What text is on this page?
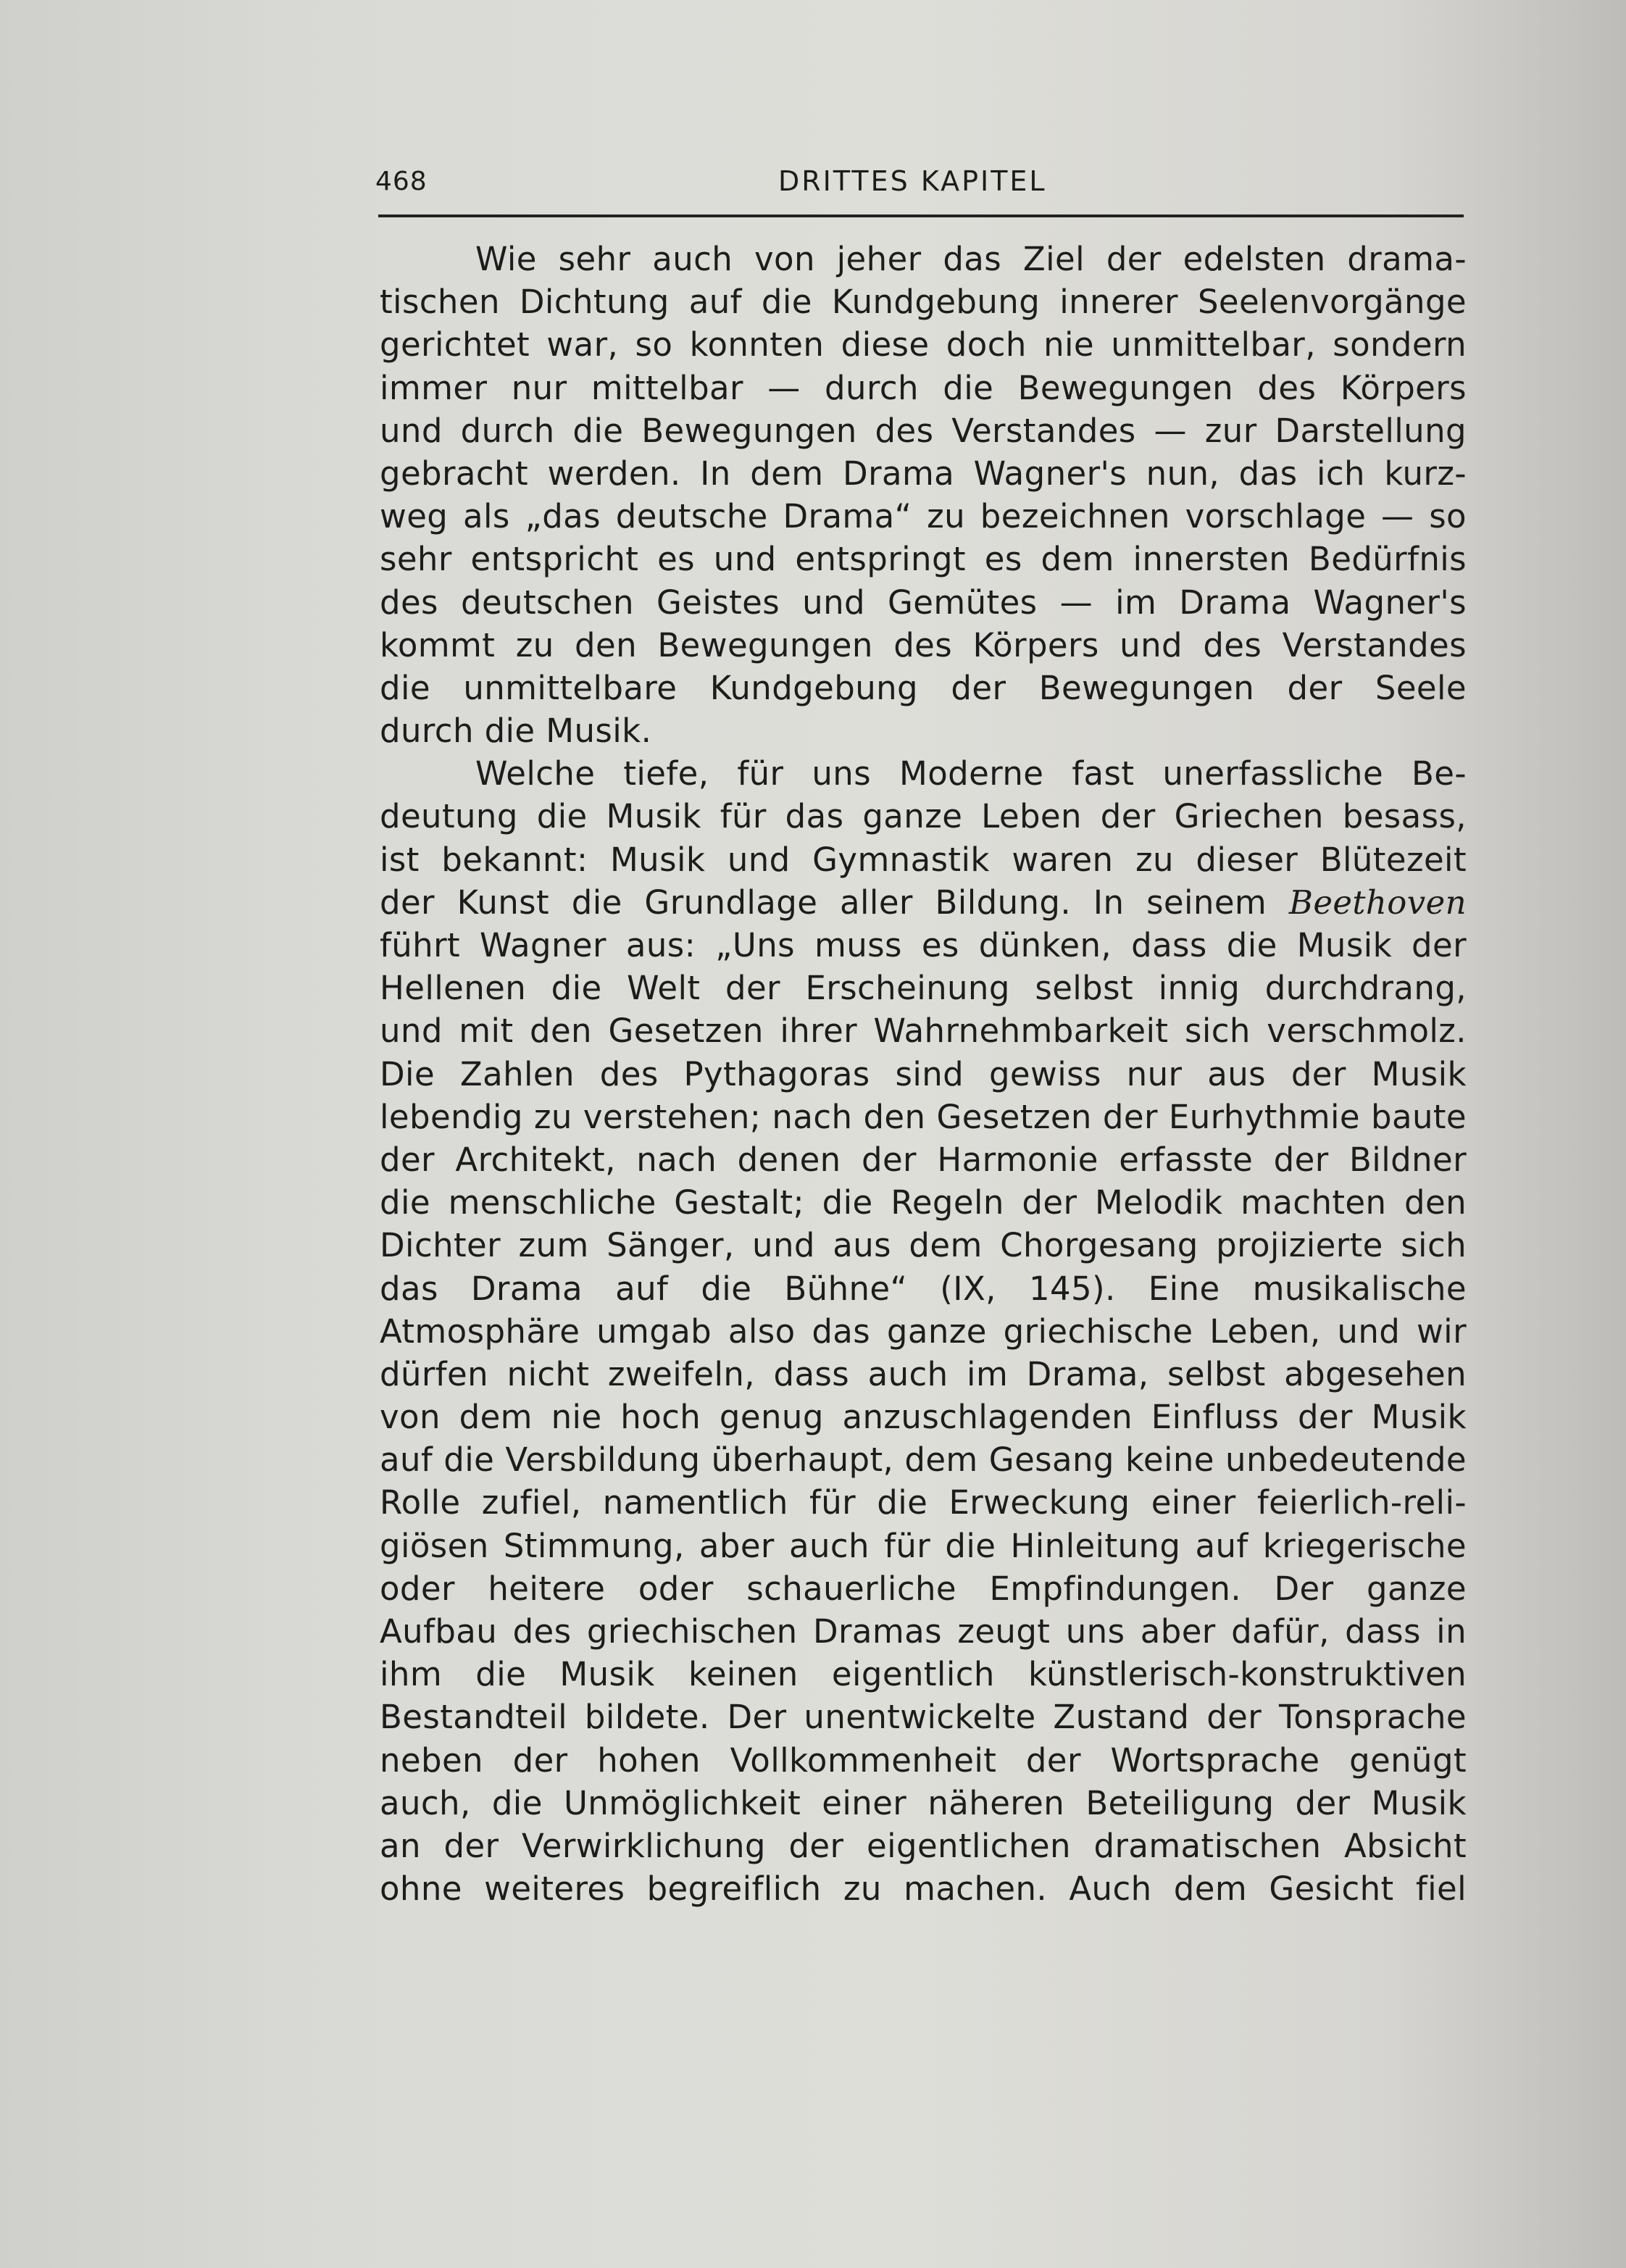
468	DRITTES KAPITEL
Wie sehr auch von jeher das Ziel der edelsten drama-
tischen Dichtung auf die Kundgebung innerer Seelenvorgänge
gerichtet war, so konnten diese doch nie unmittelbar, sondern
immer nur mittelbar — durch die Bewegungen des Körpers
und durch die Bewegungen des Verstandes — zur Darstellung
gebracht werden. In dem Drama Wagner's nun, das ich kurz-
weg als „das deutsche Drama“ zu bezeichnen vorschlage — so
sehr entspricht es und entspringt es dem innersten Bedürfnis
des deutschen Geistes und Gemütes — im Drama Wagner's
kommt zu den Bewegungen des Körpers und des Verstandes
die unmittelbare Kundgebung der Bewegungen der Seele
durch die Musik.
Welche tiefe, für uns Moderne fast unerfassliche Be-
deutung die Musik für das ganze Leben der Griechen besass,
ist bekannt: Musik und Gymnastik waren zu dieser Blütezeit
der Kunst die Grundlage aller Bildung. In seinem Beethoven
führt Wagner aus: „Uns muss es dünken, dass die Musik der
Hellenen die Welt der Erscheinung selbst innig durchdrang,
und mit den Gesetzen ihrer Wahrnehmbarkeit sich verschmolz.
Die Zahlen des Pythagoras sind gewiss nur aus der Musik
lebendig zu verstehen; nach den Gesetzen der Eurhythmie baute
der Architekt, nach denen der Harmonie erfasste der Bildner
die menschliche Gestalt; die Regeln der Melodik machten den
Dichter zum Sänger, und aus dem Chorgesang projizierte sich
das Drama auf die Bühne“ (IX, 145). Eine musikalische
Atmosphäre umgab also das ganze griechische Leben, und wir
dürfen nicht zweifeln, dass auch im Drama, selbst abgesehen
von dem nie hoch genug anzuschlagenden Einfluss der Musik
auf die Versbildung überhaupt, dem Gesang keine unbedeutende
Rolle zufiel, namentlich für die Erweckung einer feierlich-reli-
giösen Stimmung, aber auch für die Hinleitung auf kriegerische
oder heitere oder schauerliche Empfindungen. Der ganze
Aufbau des griechischen Dramas zeugt uns aber dafür, dass in
ihm die Musik keinen eigentlich künstlerisch-konstruktiven
Bestandteil bildete. Der unentwickelte Zustand der Tonsprache
neben der hohen Vollkommenheit der Wortsprache genügt
auch, die Unmöglichkeit einer näheren Beteiligung der Musik
an der Verwirklichung der eigentlichen dramatischen Absicht
ohne weiteres begreiflich zu machen. Auch dem Gesicht fiel
